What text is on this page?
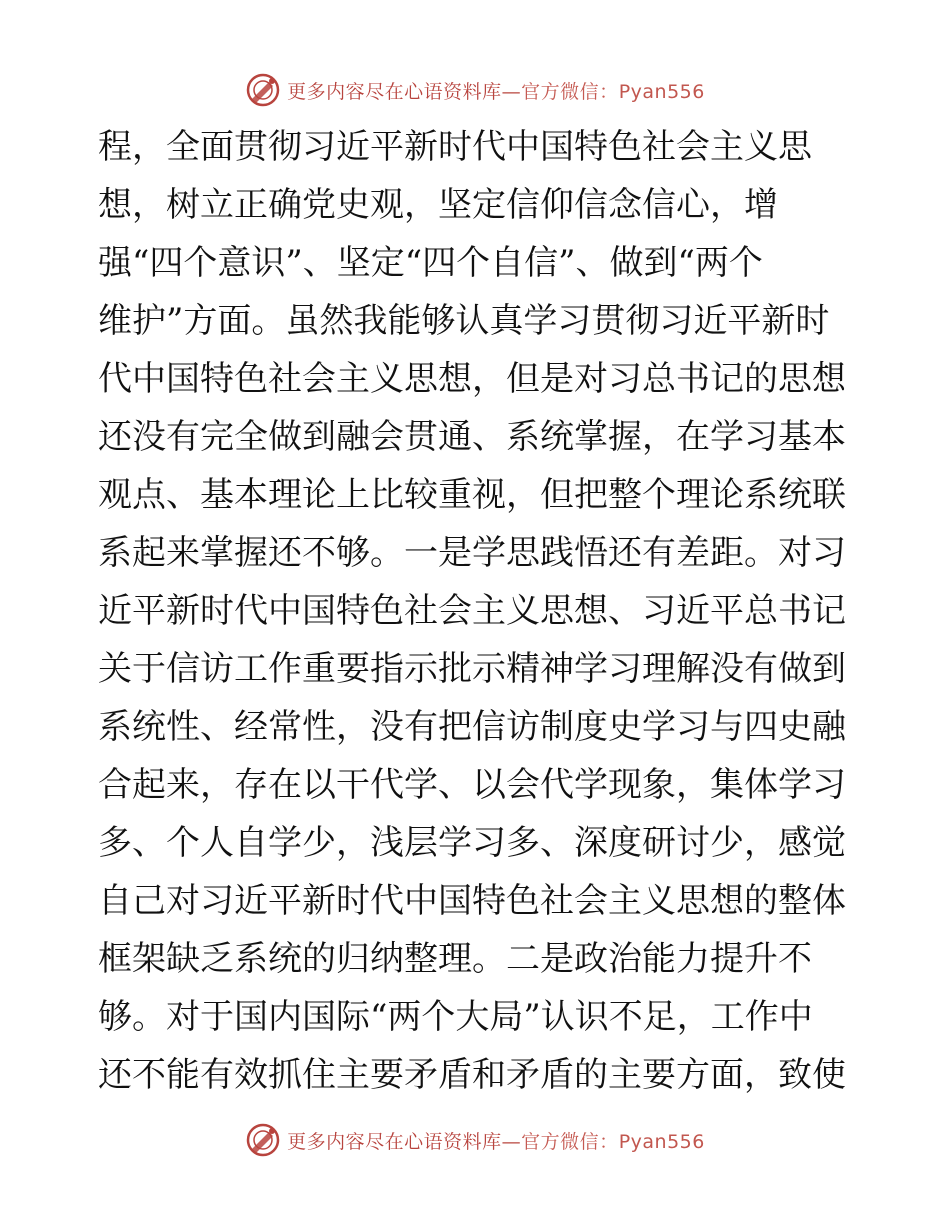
更多内容尽在心语资料库—官方微信：Pyan556
程，全面贯彻习近平新时代中国特色社会主义思
想，树立正确党史观，坚定信仰信念信心，增
强“四个意识”、坚定“四个自信”、做到“两个
维护”方面。虽然我能够认真学习贯彻习近平新时
代中国特色社会主义思想，但是对习总书记的思想
还没有完全做到融会贯通、系统掌握，在学习基本
观点、基本理论上比较重视，但把整个理论系统联
系起来掌握还不够。一是学思践悟还有差距。对习
近平新时代中国特色社会主义思想、习近平总书记
关于信访工作重要指示批示精神学习理解没有做到
系统性、经常性，没有把信访制度史学习与四史融
合起来，存在以干代学、以会代学现象，集体学习
多、个人自学少，浅层学习多、深度研讨少，感觉
自己对习近平新时代中国特色社会主义思想的整体
框架缺乏系统的归纳整理。二是政治能力提升不
够。对于国内国际“两个大局”认识不足，工作中
还不能有效抓住主要矛盾和矛盾的主要方面，致使
更多内容尽在心语资料库—官方微信：Pyan556
